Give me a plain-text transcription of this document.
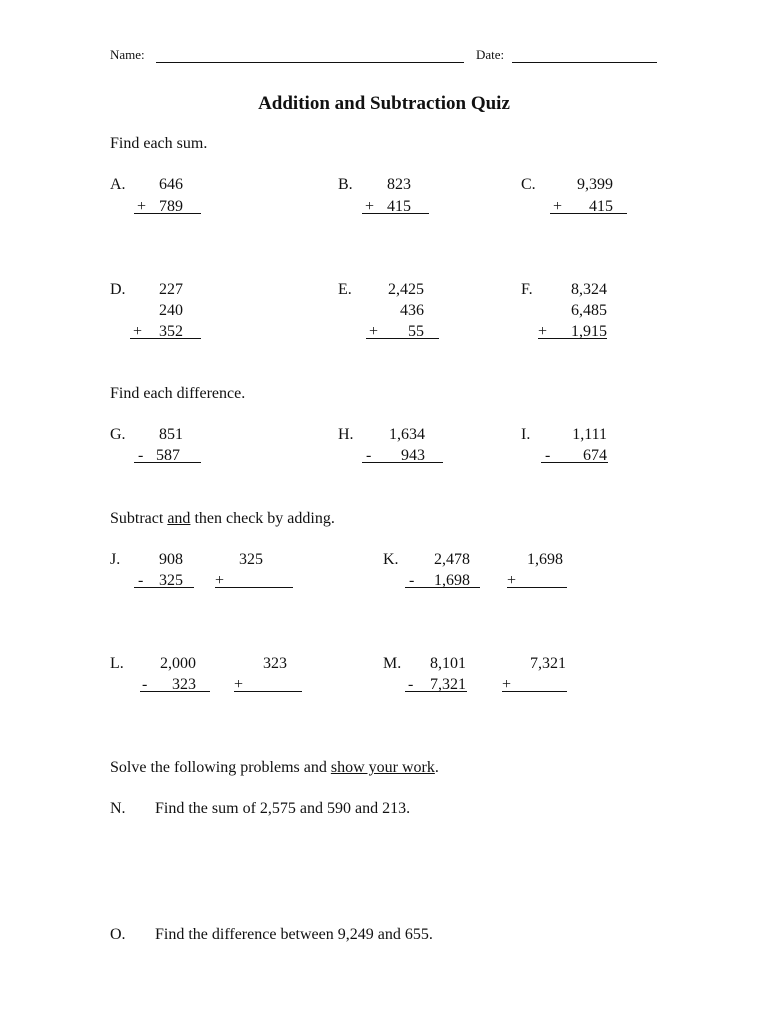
Name:	Date:
Addition and Subtraction Quiz
Find each sum.
A.	646
+ 789
B.	823
+ 415
C.	9,399
+	415
D.	227
240
+	352
E.	2,425
436
+	55
F.	8,324
6,485
+	1,915
Find each difference.
G.	851
- 587
H.	1,634
-	943
I.	1,111
-	674
Subtract and then check by adding.
J.	908
- 325
325
+
K.	2,478
-	1,698
1,698
+
L.	2,000
-	323
323
+
M.	8,101
-	7,321
7,321
+
Solve the following problems and show your work.
N. Find the sum of 2,575 and 590 and 213.
O. Find the difference between 9,249 and 655.
